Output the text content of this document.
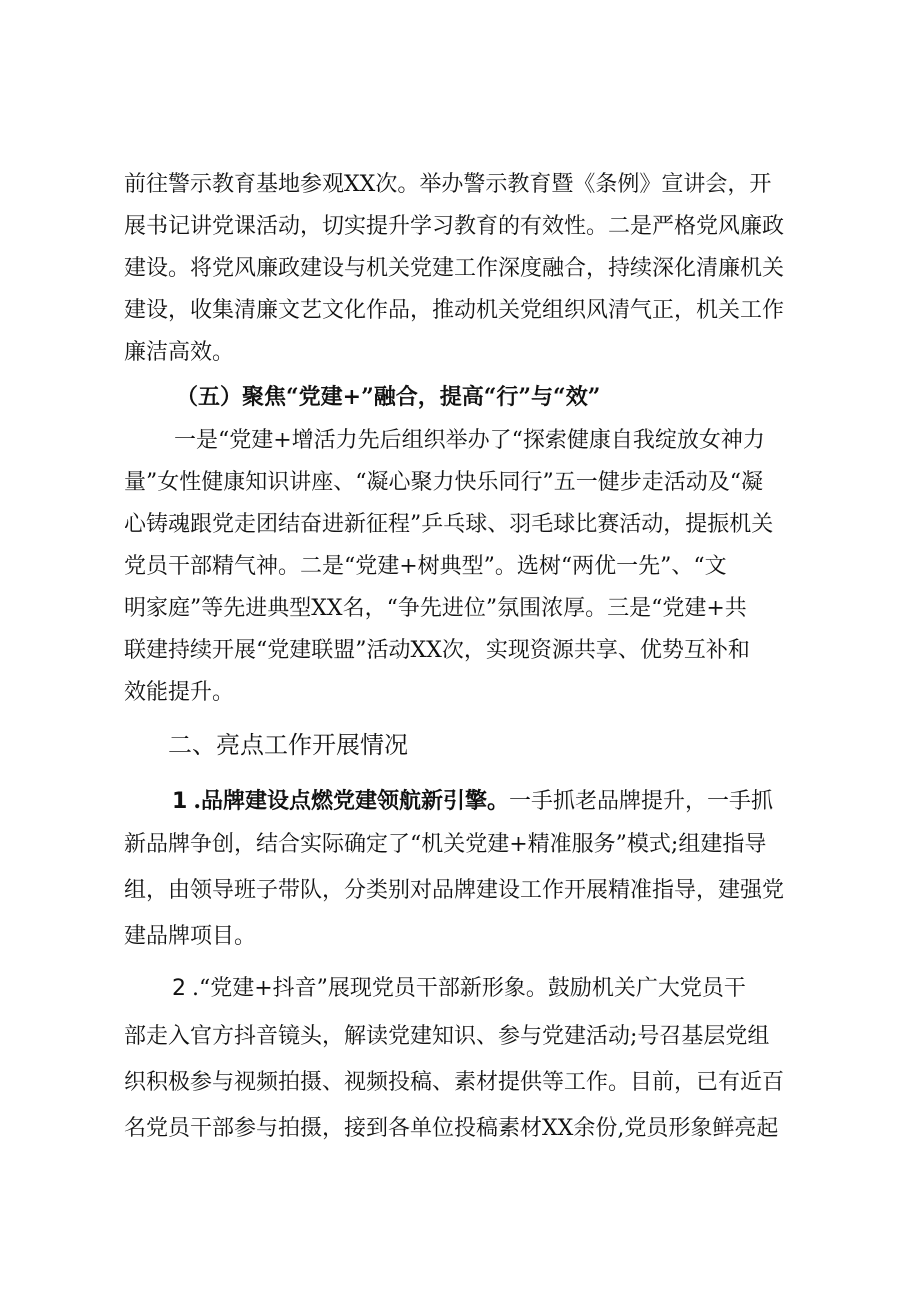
前往警示教育基地参观XX次。举办警示教育暨《条例》宣讲会，开
展书记讲党课活动，切实提升学习教育的有效性。二是严格党风廉政
建设。将党风廉政建设与机关党建工作深度融合，持续深化清廉机关
建设，收集清廉文艺文化作品，推动机关党组织风清气正，机关工作
廉洁高效。
（五）聚焦“党建+”融合，提高“行”与“效”
一是“党建+增活力先后组织举办了“探索健康自我绽放女神力
量”女性健康知识讲座、“凝心聚力快乐同行”五一健步走活动及“凝
心铸魂跟党走团结奋进新征程”乒乓球、羽毛球比赛活动，提振机关
党员干部精气神。二是“党建+树典型”。选树“两优一先”、“文
明家庭”等先进典型XX名，“争先进位”氛围浓厚。三是“党建+共
联建持续开展“党建联盟”活动XX次，实现资源共享、优势互补和
效能提升。
二、亮点工作开展情况
1.品牌建设点燃党建领航新引擎。一手抓老品牌提升，一手抓
新品牌争创，结合实际确定了“机关党建+精准服务”模式;组建指导
组，由领导班子带队，分类别对品牌建设工作开展精准指导，建强党
建品牌项目。
2.“党建+抖音”展现党员干部新形象。鼓励机关广大党员干
部走入官方抖音镜头，解读党建知识、参与党建活动;号召基层党组
织积极参与视频拍摄、视频投稿、素材提供等工作。目前，已有近百
名党员干部参与拍摄，接到各单位投稿素材XX余份,党员形象鲜亮起
